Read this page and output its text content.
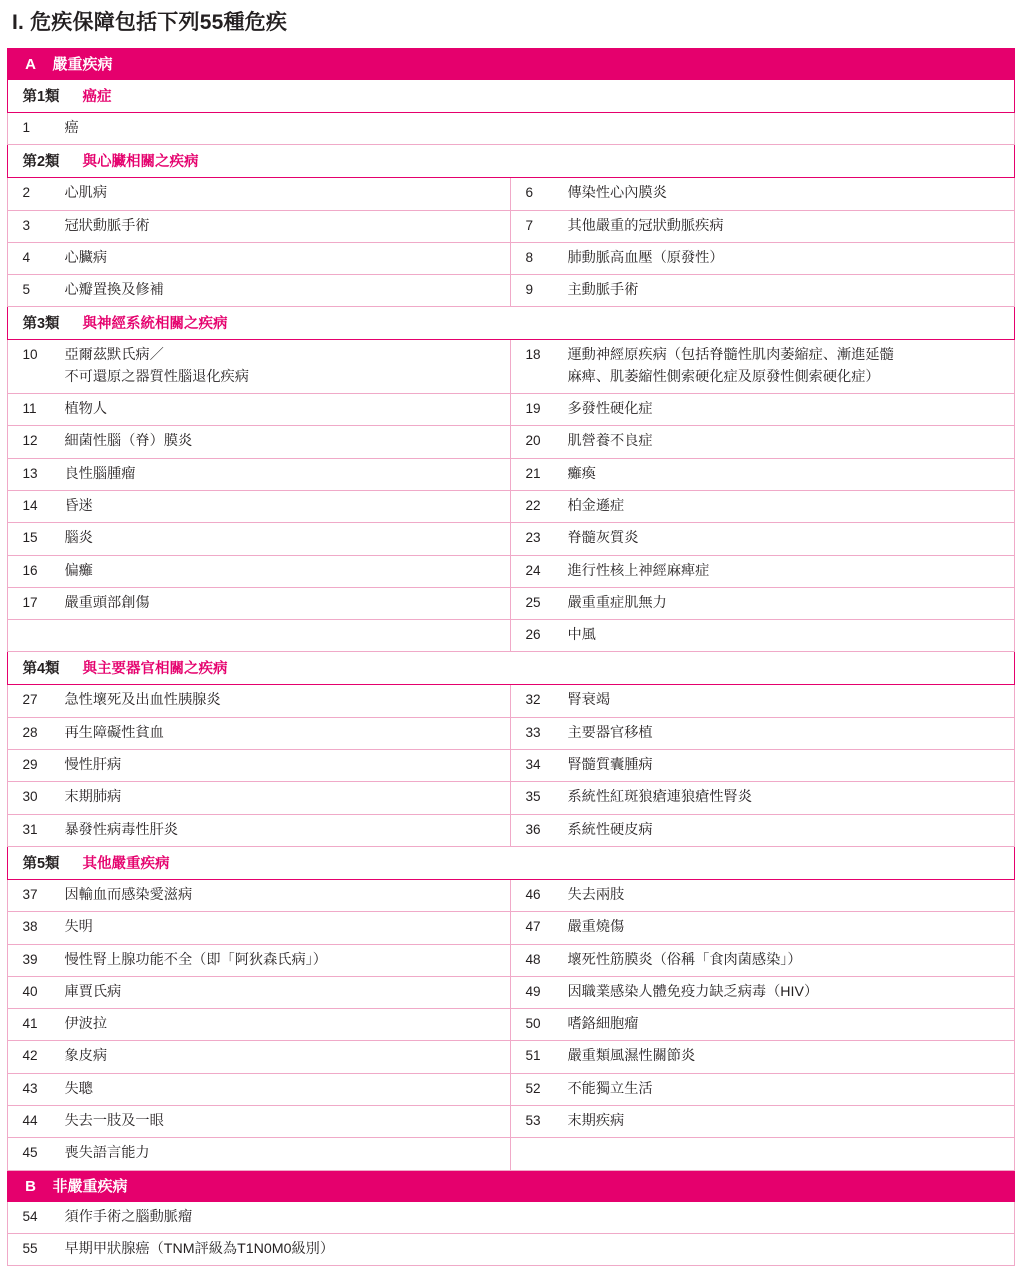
I. 危疾保障包括下列55種危疾
A 嚴重疾病	

第1類 癌症	

1 癌	

第2類 與心臟相關之疾病	

2 心肌病	6 傳染性心內膜炎

3 冠狀動脈手術	7 其他嚴重的冠狀動脈疾病

4 心臟病	8 肺動脈高血壓（原發性）

5 心瓣置換及修補	9 主動脈手術

第3類 與神經系統相關之疾病	

10 亞爾茲默氏病／
不可還原之器質性腦退化疾病	18 運動神經原疾病（包括脊髓性肌肉萎縮症、漸進延髓
麻痺、肌萎縮性側索硬化症及原發性側索硬化症）

11 植物人	19 多發性硬化症

12 細菌性腦（脊）膜炎	20 肌營養不良症

13 良性腦腫瘤	21 癱瘓

14 昏迷	22 柏金遜症

15 腦炎	23 脊髓灰質炎

16 偏癱	24 進行性核上神經麻痺症

17 嚴重頭部創傷	25 嚴重重症肌無力

	26 中風

第4類 與主要器官相關之疾病	

27 急性壞死及出血性胰腺炎	32 腎衰竭

28 再生障礙性貧血	33 主要器官移植

29 慢性肝病	34 腎髓質囊腫病

30 末期肺病	35 系統性紅斑狼瘡連狼瘡性腎炎

31 暴發性病毒性肝炎	36 系統性硬皮病

第5類 其他嚴重疾病	

37 因輸血而感染愛滋病	46 失去兩肢

38 失明	47 嚴重燒傷

39 慢性腎上腺功能不全（即「阿狄森氏病」）	48 壞死性筋膜炎（俗稱「食肉菌感染」）

40 庫賈氏病	49 因職業感染人體免疫力缺乏病毒（HIV）

41 伊波拉	50 嗜鉻細胞瘤

42 象皮病	51 嚴重類風濕性關節炎

43 失聰	52 不能獨立生活

44 失去一肢及一眼	53 末期疾病

45 喪失語言能力	

B 非嚴重疾病	

54 須作手術之腦動脈瘤	

55 早期甲狀腺癌（TNM評級為T1N0M0級別）	
